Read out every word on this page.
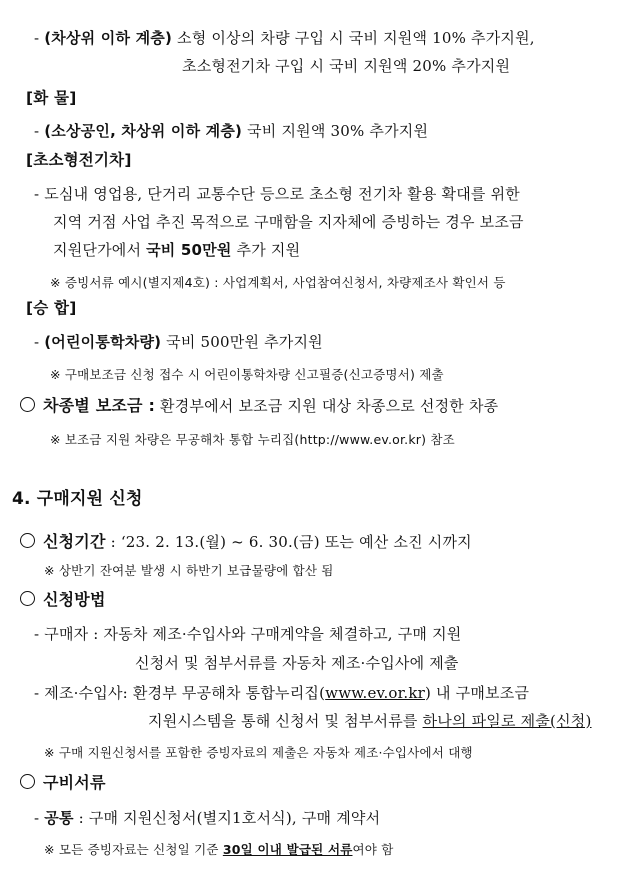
- (차상위 이하 계층) 소형 이상의 차량 구입 시 국비 지원액 10% 추가지원,
초소형전기차 구입 시 국비 지원액 20% 추가지원
[화 물]
- (소상공인, 차상위 이하 계층) 국비 지원액 30% 추가지원
[초소형전기차]
- 도심내 영업용, 단거리 교통수단 등으로 초소형 전기차 활용 확대를 위한
지역 거점 사업 추진 목적으로 구매함을 지자체에 증빙하는 경우 보조금
지원단가에서 국비 50만원 추가 지원
※ 증빙서류 예시(별지제4호) : 사업계획서, 사업참여신청서, 차량제조사 확인서 등
[승 합]
- (어린이통학차량) 국비 500만원 추가지원
※ 구매보조금 신청 접수 시 어린이통학차량 신고필증(신고증명서) 제출
차종별 보조금 : 환경부에서 보조금 지원 대상 차종으로 선정한 차종
※ 보조금 지원 차량은 무공해차 통합 누리집(http://www.ev.or.kr) 참조
4. 구매지원 신청
신청기간 : ‘23. 2. 13.(월) ~ 6. 30.(금) 또는 예산 소진 시까지
※ 상반기 잔여분 발생 시 하반기 보급물량에 합산 됨
신청방법
- 구매자 : 자동차 제조·수입사와 구매계약을 체결하고, 구매 지원
신청서 및 첨부서류를 자동차 제조·수입사에 제출
- 제조·수입사: 환경부 무공해차 통합누리집(www.ev.or.kr) 내 구매보조금
지원시스템을 통해 신청서 및 첨부서류를 하나의 파일로 제출(신청)
※ 구매 지원신청서를 포함한 증빙자료의 제출은 자동차 제조·수입사에서 대행
구비서류
- 공통 : 구매 지원신청서(별지1호서식), 구매 계약서
※ 모든 증빙자료는 신청일 기준 30일 이내 발급된 서류여야 함
